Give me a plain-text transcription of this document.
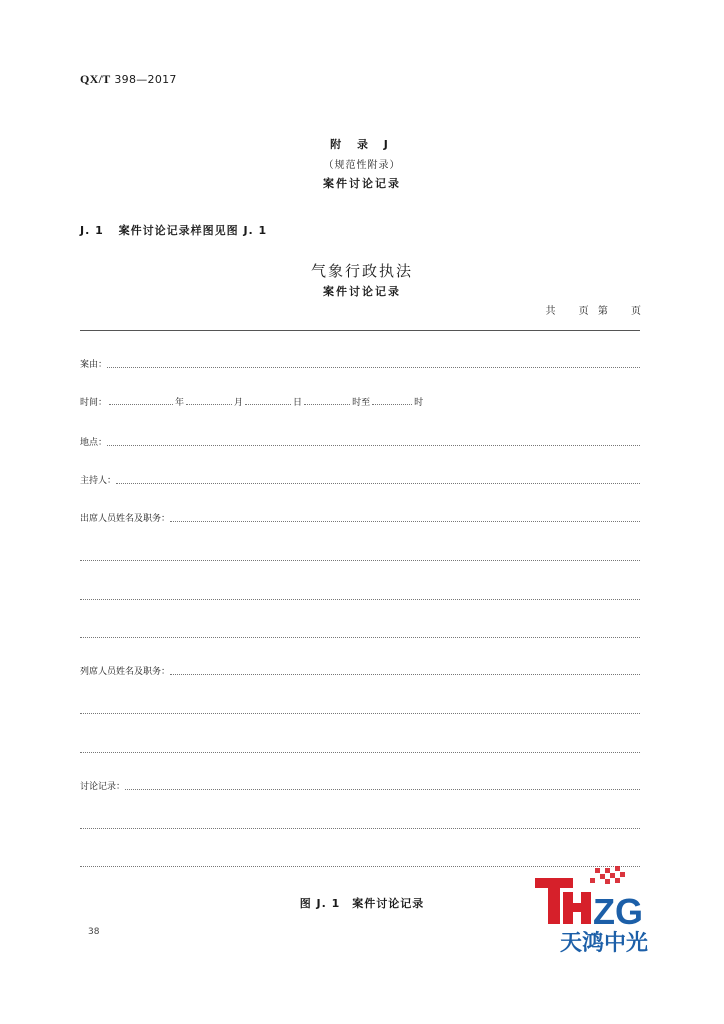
QX/T 398—2017
附 录 J
（规范性附录）
案件讨论记录
J. 1 案件讨论记录样图见图 J. 1
气象行政执法
案件讨论记录
共 页 第 页
案由：
时间：	年	月	日	时至	时
地点：
主持人：
出席人员姓名及职务：
列席人员姓名及职务：
讨论记录：
图 J. 1　案件讨论记录
38	ZG
天鸿中光
